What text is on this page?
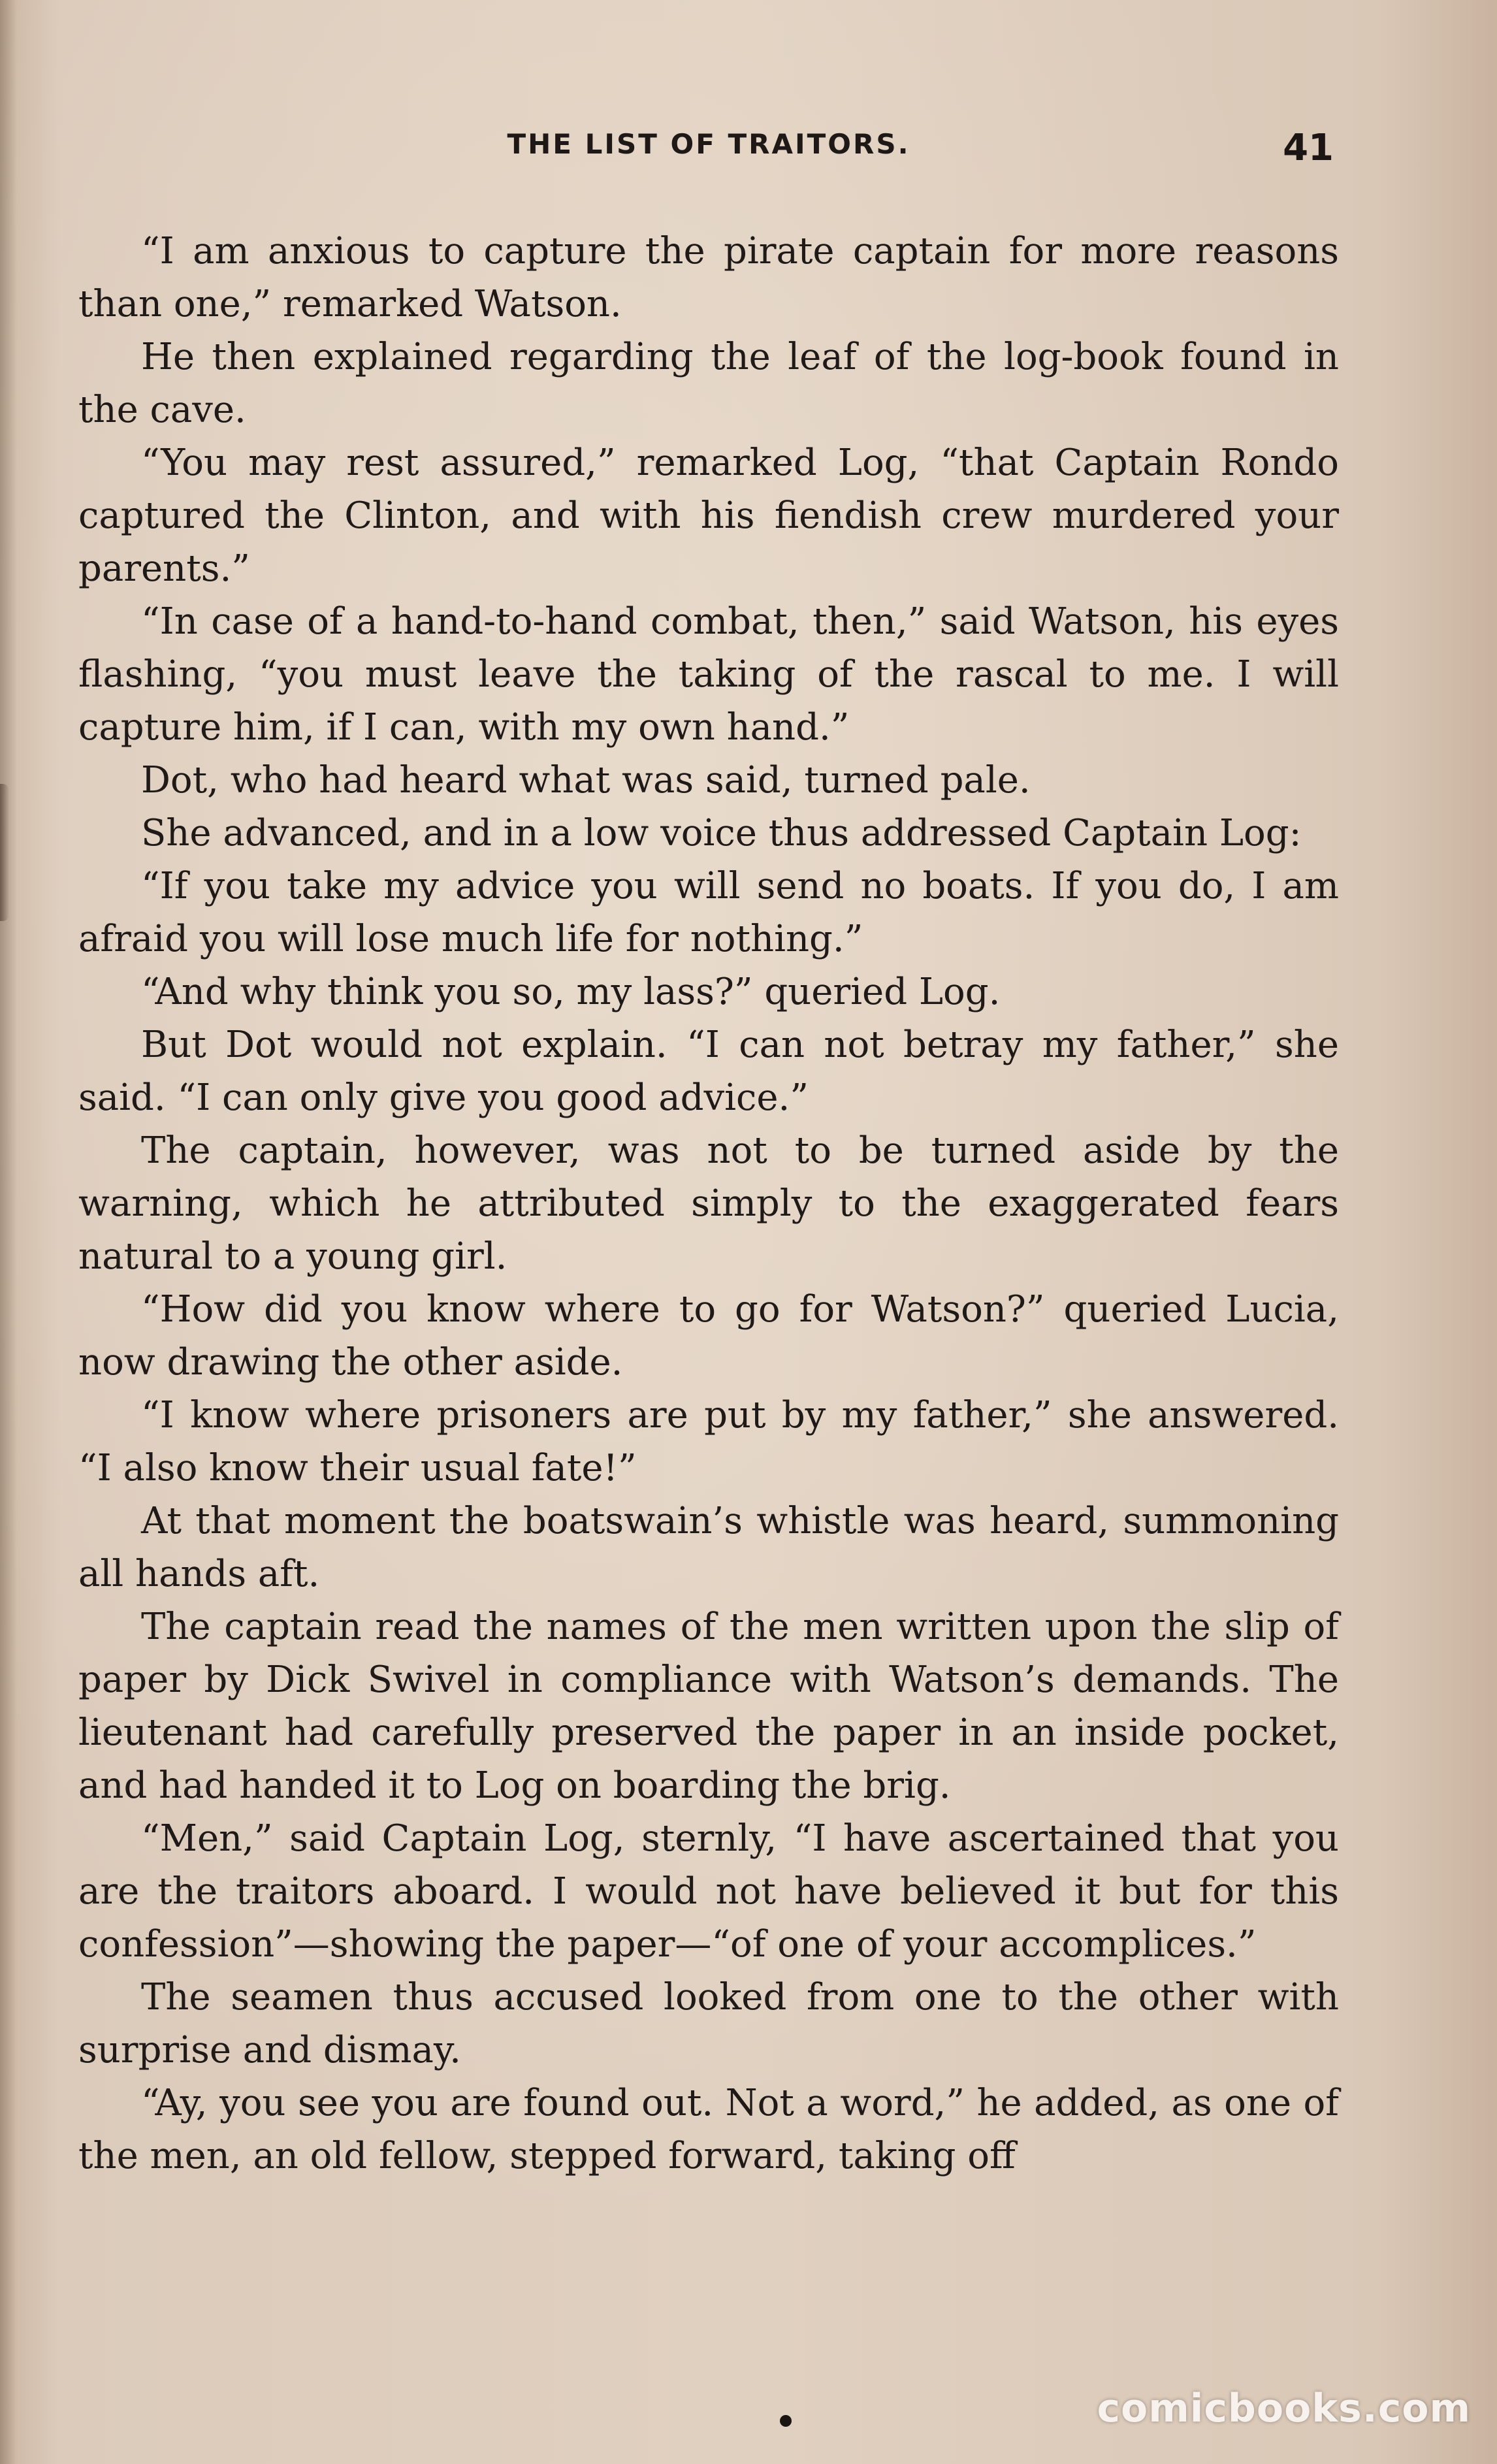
THE LIST OF TRAITORS.	41

“I am anxious to capture the pirate captain for more reasons than one,” remarked Watson.

He then explained regarding the leaf of the log-book found in the cave.

“You may rest assured,” remarked Log, “that Captain Rondo captured the Clinton, and with his fiendish crew murdered your parents.”

“In case of a hand-to-hand combat, then,” said Watson, his eyes flashing, “you must leave the taking of the rascal to me. I will capture him, if I can, with my own hand.”

Dot, who had heard what was said, turned pale.

She advanced, and in a low voice thus addressed Captain Log:

“If you take my advice you will send no boats. If you do, I am afraid you will lose much life for nothing.”

“And why think you so, my lass?” queried Log.

But Dot would not explain. “I can not betray my father,” she said. “I can only give you good advice.”

The captain, however, was not to be turned aside by the warning, which he attributed simply to the exaggerated fears natural to a young girl.

“How did you know where to go for Watson?” queried Lucia, now drawing the other aside.

“I know where prisoners are put by my father,” she answered. “I also know their usual fate!”

At that moment the boatswain’s whistle was heard, summoning all hands aft.

The captain read the names of the men written upon the slip of paper by Dick Swivel in compliance with Watson’s demands. The lieutenant had carefully preserved the paper in an inside pocket, and had handed it to Log on boarding the brig.

“Men,” said Captain Log, sternly, “I have ascertained that you are the traitors aboard. I would not have believed it but for this confession”—showing the paper—“of one of your accomplices.”

The seamen thus accused looked from one to the other with surprise and dismay.

“Ay, you see you are found out. Not a word,” he added, as one of the men, an old fellow, stepped forward, taking off

comicbooks.com
